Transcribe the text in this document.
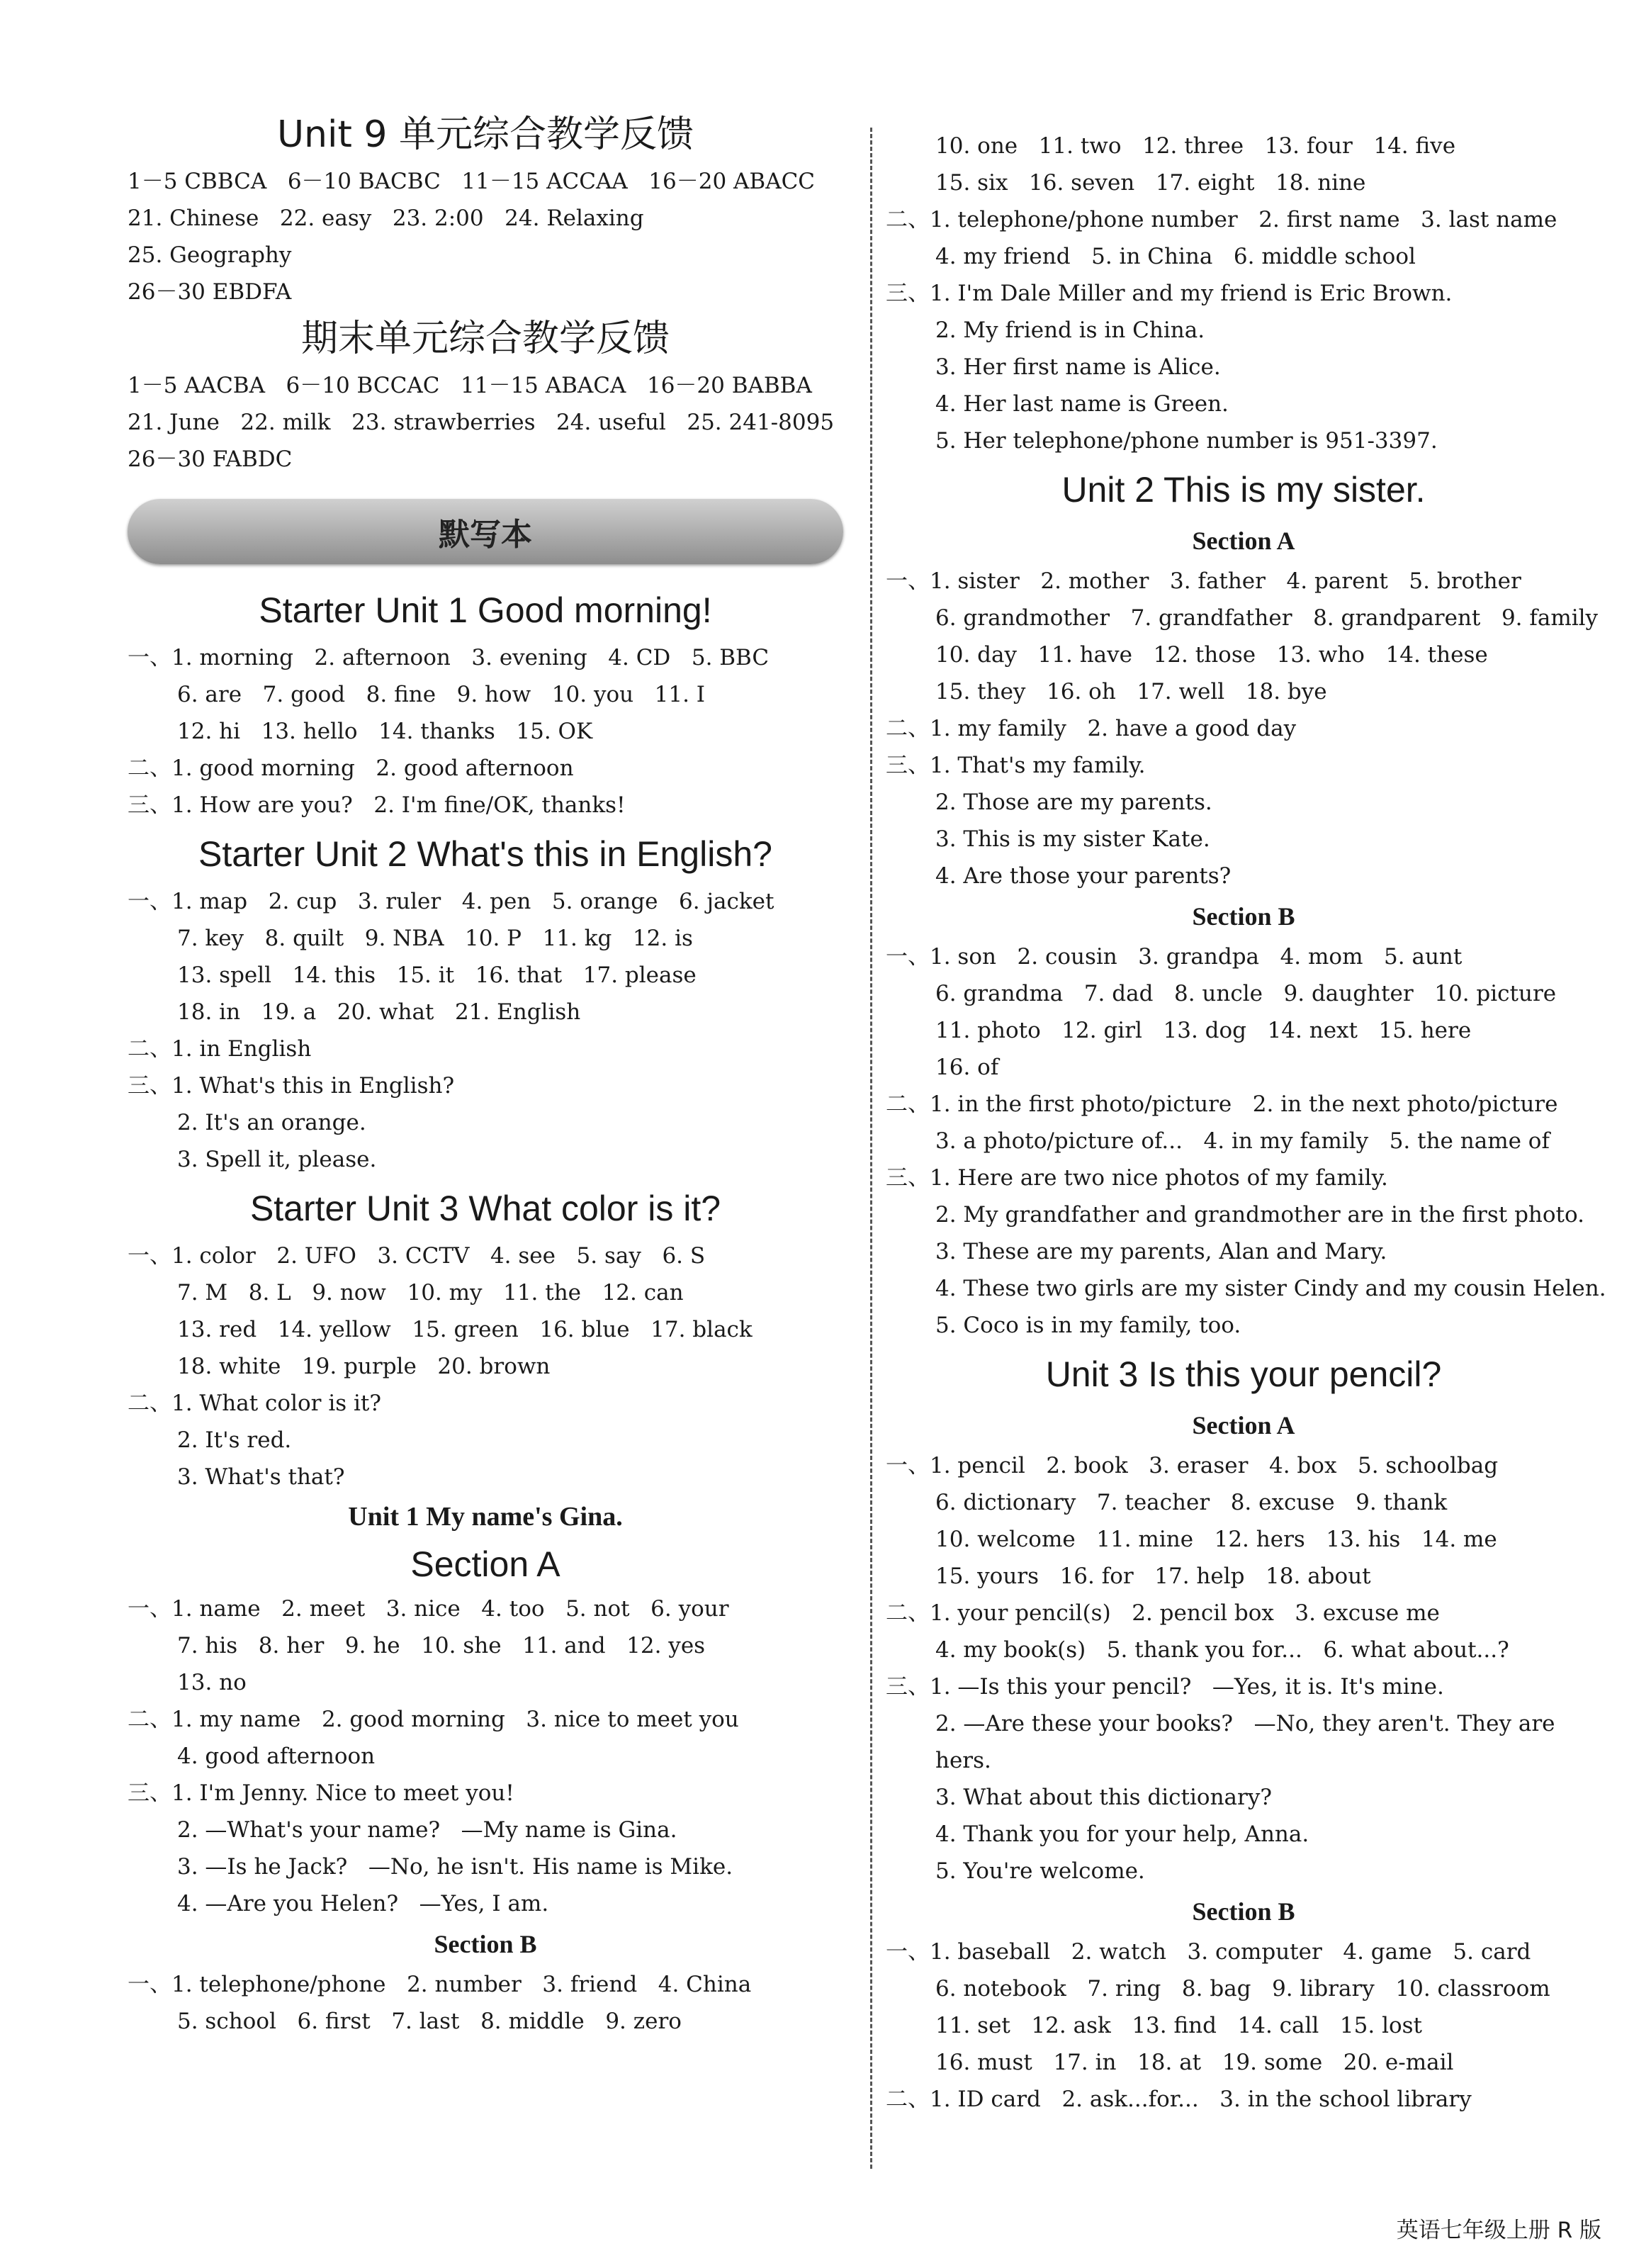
Unit 9 单元综合教学反馈
1－5 CBBCA   6－10 BACBC   11－15 ACCAA   16－20 ABACC
21. Chinese   22. easy   23. 2:00   24. Relaxing
25. Geography
26－30 EBDFA
期末单元综合教学反馈
1－5 AACBA   6－10 BCCAC   11－15 ABACA   16－20 BABBA
21. June   22. milk   23. strawberries   24. useful   25. 241-8095
26－30 FABDC
默写本
Starter Unit 1 Good morning!
一、1. morning   2. afternoon   3. evening   4. CD   5. BBC
6. are   7. good   8. fine   9. how   10. you   11. I
12. hi   13. hello   14. thanks   15. OK
二、1. good morning   2. good afternoon
三、1. How are you?   2. I'm fine/OK, thanks!
Starter Unit 2 What's this in English?
一、1. map   2. cup   3. ruler   4. pen   5. orange   6. jacket
7. key   8. quilt   9. NBA   10. P   11. kg   12. is
13. spell   14. this   15. it   16. that   17. please
18. in   19. a   20. what   21. English
二、1. in English
三、1. What's this in English?
2. It's an orange.
3. Spell it, please.
Starter Unit 3 What color is it?
一、1. color   2. UFO   3. CCTV   4. see   5. say   6. S
7. M   8. L   9. now   10. my   11. the   12. can
13. red   14. yellow   15. green   16. blue   17. black
18. white   19. purple   20. brown
二、1. What color is it?
2. It's red.
3. What's that?
Unit 1 My name's Gina.
Section A
一、1. name   2. meet   3. nice   4. too   5. not   6. your
7. his   8. her   9. he   10. she   11. and   12. yes
13. no
二、1. my name   2. good morning   3. nice to meet you
4. good afternoon
三、1. I'm Jenny. Nice to meet you!
2. —What's your name?   —My name is Gina.
3. —Is he Jack?   —No, he isn't. His name is Mike.
4. —Are you Helen?   —Yes, I am.
Section B
一、1. telephone/phone   2. number   3. friend   4. China
5. school   6. first   7. last   8. middle   9. zero
10. one   11. two   12. three   13. four   14. five
15. six   16. seven   17. eight   18. nine
二、1. telephone/phone number   2. first name   3. last name
4. my friend   5. in China   6. middle school
三、1. I'm Dale Miller and my friend is Eric Brown.
2. My friend is in China.
3. Her first name is Alice.
4. Her last name is Green.
5. Her telephone/phone number is 951-3397.
Unit 2 This is my sister.
Section A
一、1. sister   2. mother   3. father   4. parent   5. brother
6. grandmother   7. grandfather   8. grandparent   9. family
10. day   11. have   12. those   13. who   14. these
15. they   16. oh   17. well   18. bye
二、1. my family   2. have a good day
三、1. That's my family.
2. Those are my parents.
3. This is my sister Kate.
4. Are those your parents?
Section B
一、1. son   2. cousin   3. grandpa   4. mom   5. aunt
6. grandma   7. dad   8. uncle   9. daughter   10. picture
11. photo   12. girl   13. dog   14. next   15. here
16. of
二、1. in the first photo/picture   2. in the next photo/picture
3. a photo/picture of...   4. in my family   5. the name of
三、1. Here are two nice photos of my family.
2. My grandfather and grandmother are in the first photo.
3. These are my parents, Alan and Mary.
4. These two girls are my sister Cindy and my cousin Helen.
5. Coco is in my family, too.
Unit 3 Is this your pencil?
Section A
一、1. pencil   2. book   3. eraser   4. box   5. schoolbag
6. dictionary   7. teacher   8. excuse   9. thank
10. welcome   11. mine   12. hers   13. his   14. me
15. yours   16. for   17. help   18. about
二、1. your pencil(s)   2. pencil box   3. excuse me
4. my book(s)   5. thank you for...   6. what about...?
三、1. —Is this your pencil?   —Yes, it is. It's mine.
2. —Are these your books?   —No, they aren't. They are
hers.
3. What about this dictionary?
4. Thank you for your help, Anna.
5. You're welcome.
Section B
一、1. baseball   2. watch   3. computer   4. game   5. card
6. notebook   7. ring   8. bag   9. library   10. classroom
11. set   12. ask   13. find   14. call   15. lost
16. must   17. in   18. at   19. some   20. e-mail
二、1. ID card   2. ask...for...   3. in the school library
英语七年级上册 R 版
